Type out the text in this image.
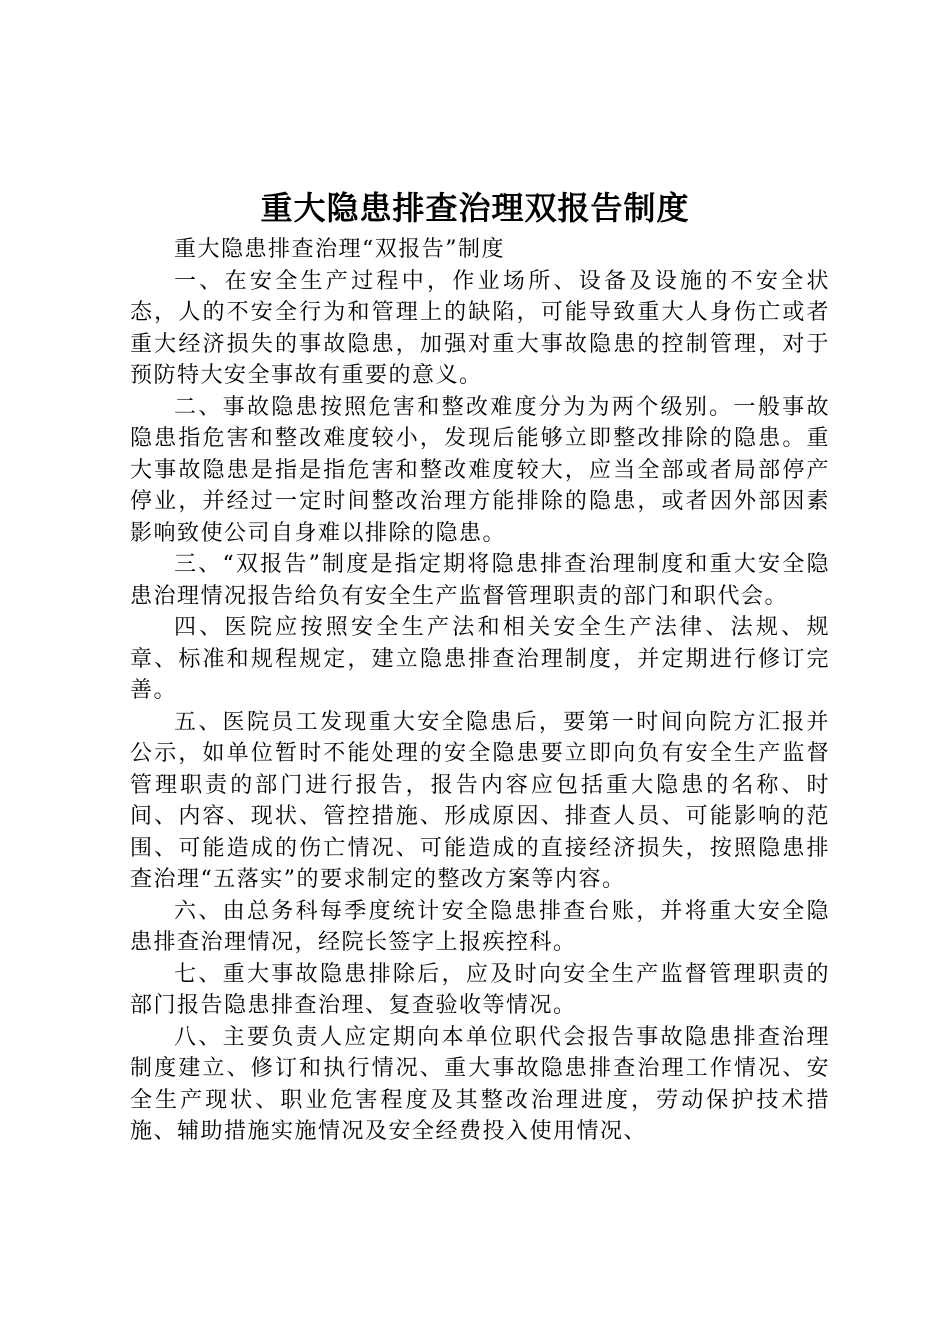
重大隐患排查治理双报告制度

重大隐患排查治理“双报告”制度

一、在安全生产过程中，作业场所、设备及设施的不安全状态，人的不安全行为和管理上的缺陷，可能导致重大人身伤亡或者重大经济损失的事故隐患，加强对重大事故隐患的控制管理，对于预防特大安全事故有重要的意义。

二、事故隐患按照危害和整改难度分为为两个级别。一般事故隐患指危害和整改难度较小，发现后能够立即整改排除的隐患。重大事故隐患是指是指危害和整改难度较大，应当全部或者局部停产停业，并经过一定时间整改治理方能排除的隐患，或者因外部因素影响致使公司自身难以排除的隐患。

三、“双报告”制度是指定期将隐患排查治理制度和重大安全隐患治理情况报告给负有安全生产监督管理职责的部门和职代会。

四、医院应按照安全生产法和相关安全生产法律、法规、规章、标准和规程规定，建立隐患排查治理制度，并定期进行修订完善。

五、医院员工发现重大安全隐患后，要第一时间向院方汇报并公示，如单位暂时不能处理的安全隐患要立即向负有安全生产监督管理职责的部门进行报告，报告内容应包括重大隐患的名称、时间、内容、现状、管控措施、形成原因、排查人员、可能影响的范围、可能造成的伤亡情况、可能造成的直接经济损失，按照隐患排查治理“五落实”的要求制定的整改方案等内容。

六、由总务科每季度统计安全隐患排查台账，并将重大安全隐患排查治理情况，经院长签字上报疾控科。

七、重大事故隐患排除后，应及时向安全生产监督管理职责的部门报告隐患排查治理、复查验收等情况。

八、主要负责人应定期向本单位职代会报告事故隐患排查治理制度建立、修订和执行情况、重大事故隐患排查治理工作情况、安全生产现状、职业危害程度及其整改治理进度，劳动保护技术措施、辅助措施实施情况及安全经费投入使用情况、
